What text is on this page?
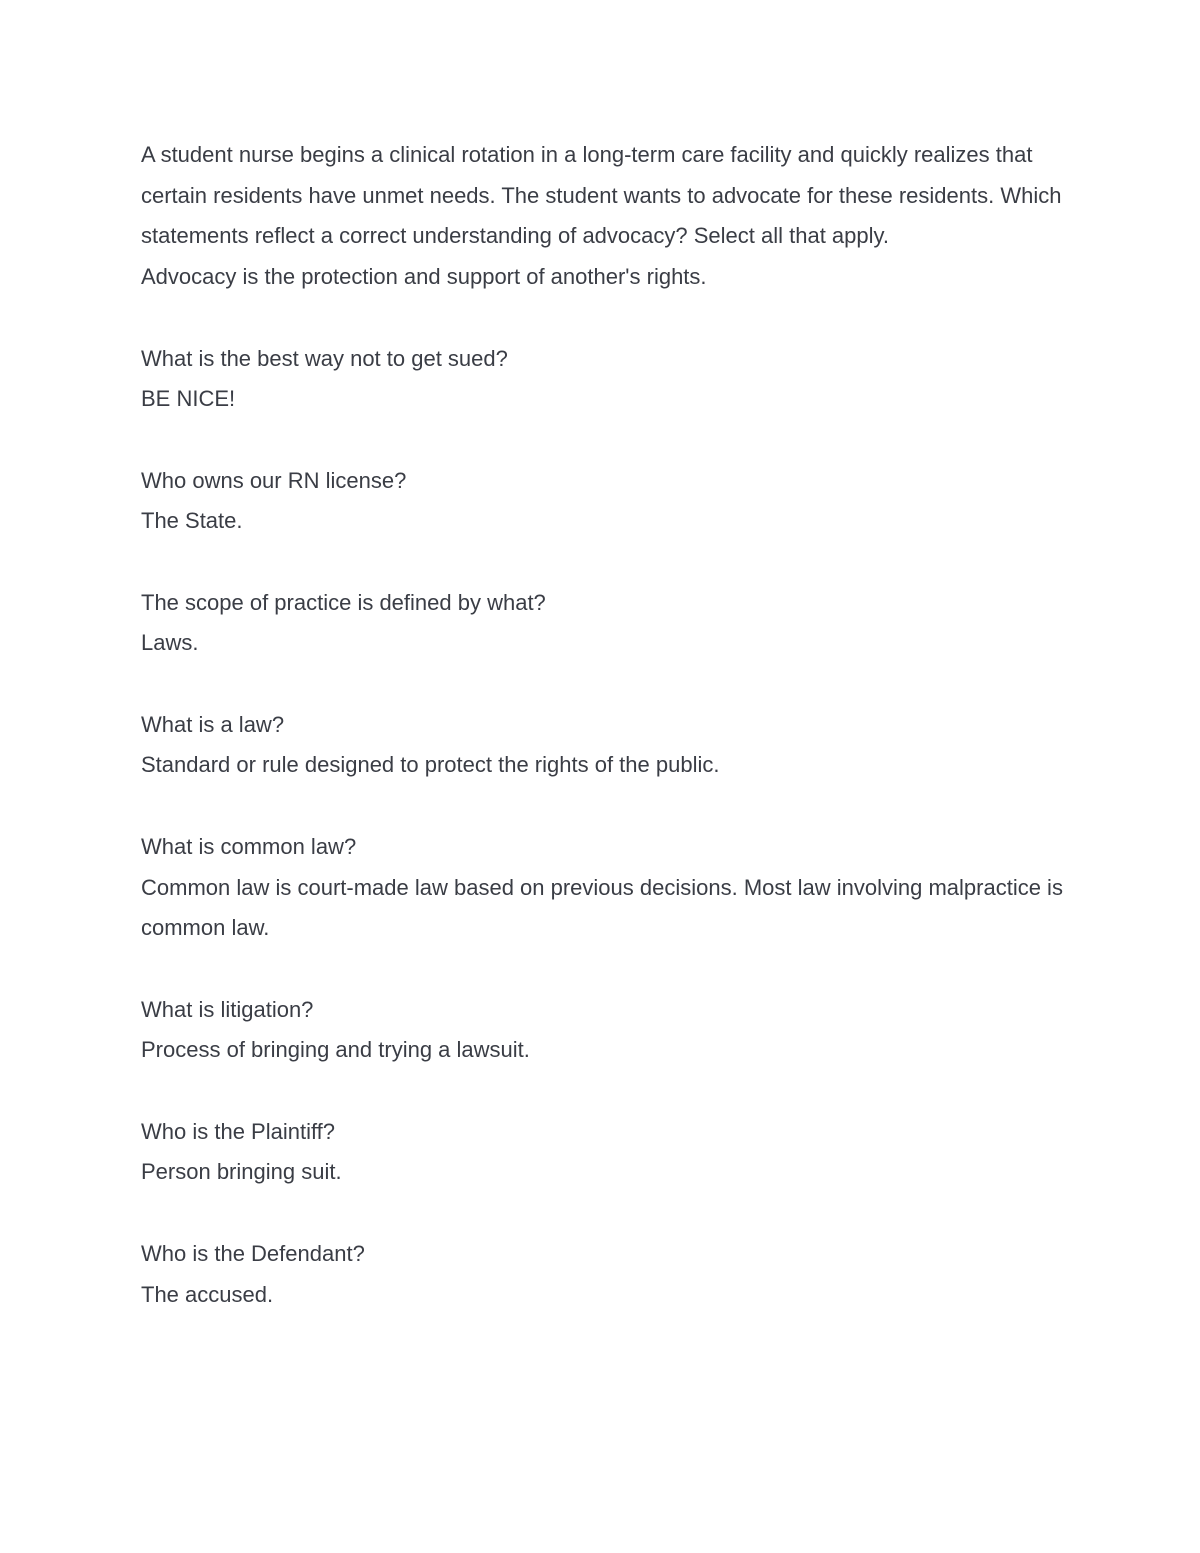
A student nurse begins a clinical rotation in a long-term care facility and quickly realizes that certain residents have unmet needs. The student wants to advocate for these residents. Which statements reflect a correct understanding of advocacy? Select all that apply.

Advocacy is the protection and support of another's rights.

What is the best way not to get sued?

BE NICE!

Who owns our RN license?

The State.

The scope of practice is defined by what?

Laws.

What is a law?

Standard or rule designed to protect the rights of the public.

What is common law?

Common law is court-made law based on previous decisions. Most law involving malpractice is common law.

What is litigation?

Process of bringing and trying a lawsuit.

Who is the Plaintiff?

Person bringing suit.

Who is the Defendant?

The accused.
